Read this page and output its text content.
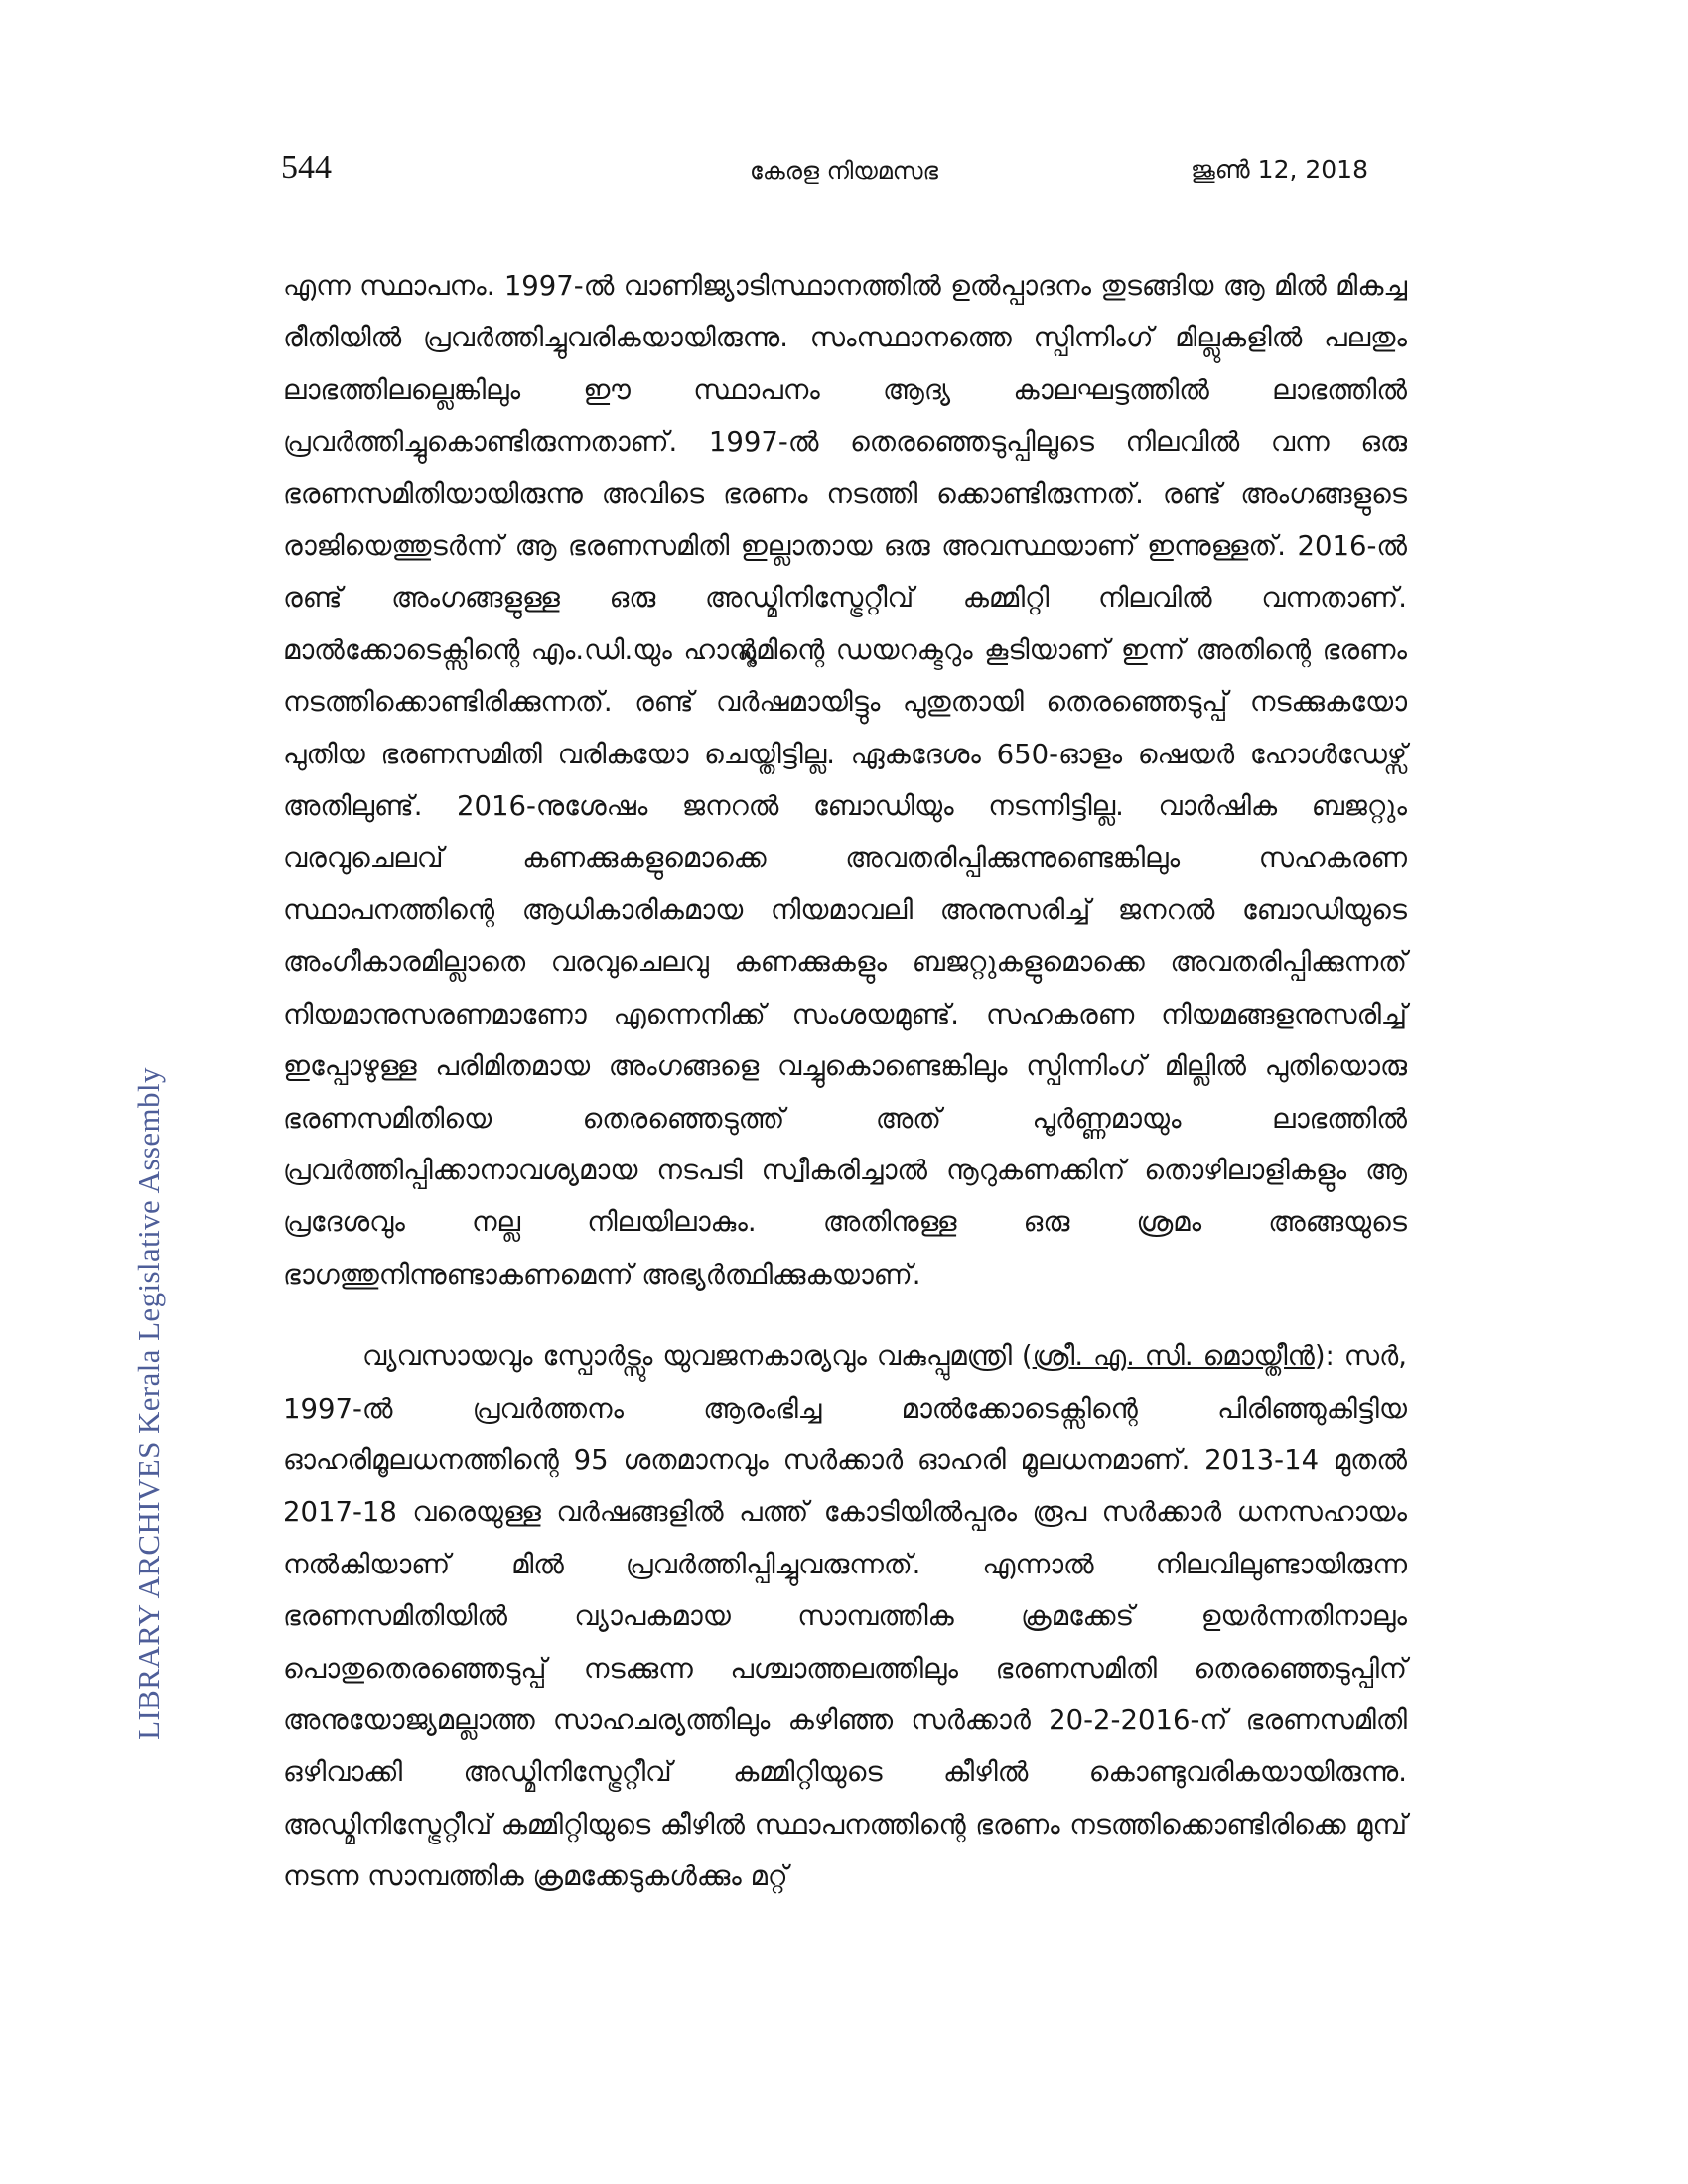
544	കേരള നിയമസഭ	ജൂൺ 12, 2018
LIBRARY ARCHIVES Kerala Legislative Assembly

എന്ന സ്ഥാപനം. 1997-ൽ വാണിജ്യാടിസ്ഥാനത്തിൽ ഉൽപ്പാദനം തുടങ്ങിയ ആ മിൽ മികച്ച രീതിയിൽ പ്രവർത്തിച്ചുവരികയായിരുന്നു. സംസ്ഥാനത്തെ സ്പിന്നിംഗ് മില്ലുകളിൽ പലതും ലാഭത്തിലല്ലെങ്കിലും ഈ സ്ഥാപനം ആദ്യ കാലഘട്ടത്തിൽ ലാഭത്തിൽ പ്രവർത്തിച്ചുകൊണ്ടിരുന്നതാണ്. 1997-ൽ തെരഞ്ഞെടുപ്പിലൂടെ നിലവിൽ വന്ന ഒരു ഭരണസമിതിയായിരുന്നു അവിടെ ഭരണം നടത്തി ക്കൊണ്ടിരുന്നത്. രണ്ട് അംഗങ്ങളുടെ രാജിയെത്തുടർന്ന് ആ ഭരണസമിതി ഇല്ലാതായ ഒരു അവസ്ഥയാണ് ഇന്നുള്ളത്. 2016-ൽ രണ്ട് അംഗങ്ങളുള്ള ഒരു അഡ്മിനിസ്ട്രേറ്റീവ് കമ്മിറ്റി നിലവിൽ വന്നതാണ്. മാൽക്കോടെക്സിന്റെ എം.ഡി.യും ഹാന്റ്ലൂമിന്റെ ഡയറക്ടറും കൂടിയാണ് ഇന്ന് അതിന്റെ ഭരണം നടത്തിക്കൊണ്ടിരിക്കുന്നത്. രണ്ട് വർഷമായിട്ടും പുതുതായി തെരഞ്ഞെടുപ്പ് നടക്കുകയോ പുതിയ ഭരണസമിതി വരികയോ ചെയ്തിട്ടില്ല. ഏകദേശം 650-ഓളം ഷെയർ ഹോൾഡേഴ്സ് അതിലുണ്ട്. 2016-നുശേഷം ജനറൽ ബോഡിയും നടന്നിട്ടില്ല. വാർഷിക ബജറ്റും വരവുചെലവ് കണക്കുകളുമൊക്കെ അവതരിപ്പിക്കുന്നുണ്ടെങ്കിലും സഹകരണ സ്ഥാപനത്തിന്റെ ആധികാരികമായ നിയമാവലി അനുസരിച്ച് ജനറൽ ബോഡിയുടെ അംഗീകാരമില്ലാതെ വരവുചെലവു കണക്കുകളും ബജറ്റുകളുമൊക്കെ അവതരിപ്പിക്കുന്നത് നിയമാനുസരണമാണോ എന്നെനിക്ക് സംശയമുണ്ട്. സഹകരണ നിയമങ്ങളനുസരിച്ച് ഇപ്പോഴുള്ള പരിമിതമായ അംഗങ്ങളെ വച്ചുകൊണ്ടെങ്കിലും സ്പിന്നിംഗ് മില്ലിൽ പുതിയൊരു ഭരണസമിതിയെ തെരഞ്ഞെടുത്ത് അത് പൂർണ്ണമായും ലാഭത്തിൽ പ്രവർത്തിപ്പിക്കാനാവശ്യമായ നടപടി സ്വീകരിച്ചാൽ നൂറുകണക്കിന് തൊഴിലാളികളും ആ പ്രദേശവും നല്ല നിലയിലാകും. അതിനുള്ള ഒരു ശ്രമം അങ്ങയുടെ ഭാഗത്തുനിന്നുണ്ടാകണമെന്ന് അഭ്യർത്ഥിക്കുകയാണ്.

വ്യവസായവും സ്പോർട്സും യുവജനകാര്യവും വകുപ്പുമന്ത്രി (ശ്രീ. എ. സി. മൊയ്തീൻ): സർ, 1997-ൽ പ്രവർത്തനം ആരംഭിച്ച മാൽക്കോടെക്സിന്റെ പിരിഞ്ഞുകിട്ടിയ ഓഹരിമൂലധനത്തിന്റെ 95 ശതമാനവും സർക്കാർ ഓഹരി മൂലധനമാണ്. 2013-14 മുതൽ 2017-18 വരെയുള്ള വർഷങ്ങളിൽ പത്ത് കോടിയിൽപ്പരം രൂപ സർക്കാർ ധനസഹായം നൽകിയാണ് മിൽ പ്രവർത്തിപ്പിച്ചുവരുന്നത്. എന്നാൽ നിലവിലുണ്ടായിരുന്ന ഭരണസമിതിയിൽ വ്യാപകമായ സാമ്പത്തിക ക്രമക്കേട് ഉയർന്നതിനാലും പൊതുതെരഞ്ഞെടുപ്പ് നടക്കുന്ന പശ്ചാത്തലത്തിലും ഭരണസമിതി തെരഞ്ഞെടുപ്പിന് അനുയോജ്യമല്ലാത്ത സാഹചര്യത്തിലും കഴിഞ്ഞ സർക്കാർ 20-2-2016-ന് ഭരണസമിതി ഒഴിവാക്കി അഡ്മിനിസ്ട്രേറ്റീവ് കമ്മിറ്റിയുടെ കീഴിൽ കൊണ്ടുവരികയായിരുന്നു. അഡ്മിനിസ്ട്രേറ്റീവ് കമ്മിറ്റിയുടെ കീഴിൽ സ്ഥാപനത്തിന്റെ ഭരണം നടത്തിക്കൊണ്ടിരിക്കെ മുമ്പ് നടന്ന സാമ്പത്തിക ക്രമക്കേടുകൾക്കും മറ്റ്
